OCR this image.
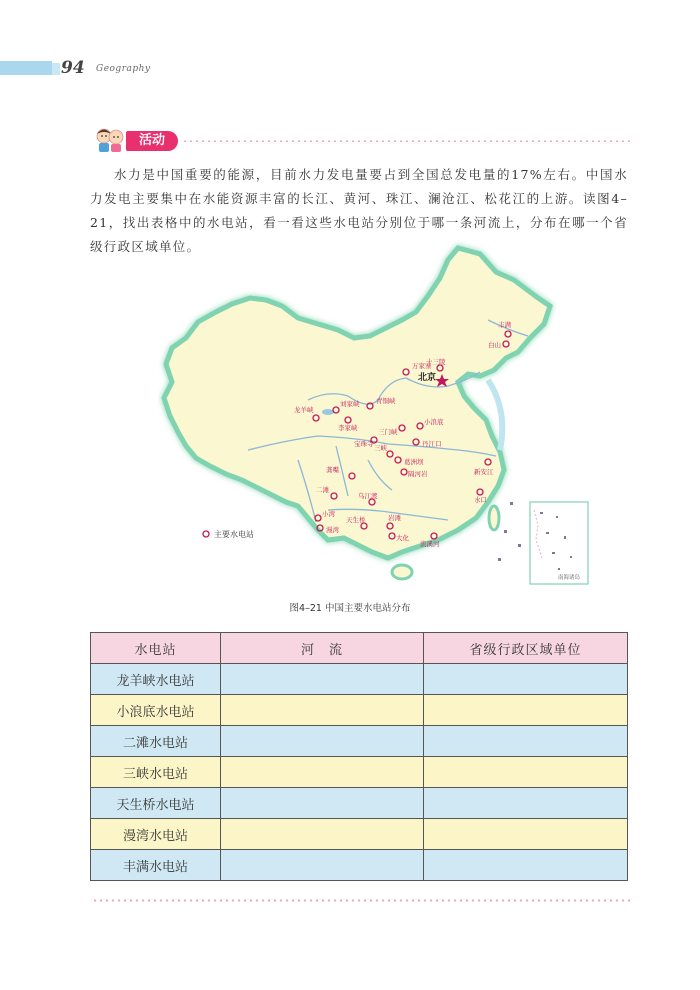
94 Geography
活动
水力是中国重要的能源，目前水力发电量要占到全国总发电量的17%左右。中国水力发电主要集中在水能资源丰富的长江、黄河、珠江、澜沧江、松花江的上游。读图4–21，找出表格中的水电站，看一看这些水电站分别位于哪一条河流上，分布在哪一个省级行政区域单位。
北京
丰满
白山
十三陵
万家寨
刘家峡
龙羊峡
青铜峡
李家峡	三门峡
小浪底
丹江口
葛洲坝
三峡
隔河岩
宝珠寺
新安江
龚嘴
二滩
乌江渡
漫湾
小湾
天生桥	岩滩
大化
水口
流溪河
主要水电站
南海诸岛
图4–21 中国主要水电站分布
水电站	河　流	省级行政区域单位
龙羊峡水电站		
小浪底水电站		
二滩水电站		
三峡水电站		
天生桥水电站		
漫湾水电站		
丰满水电站		
